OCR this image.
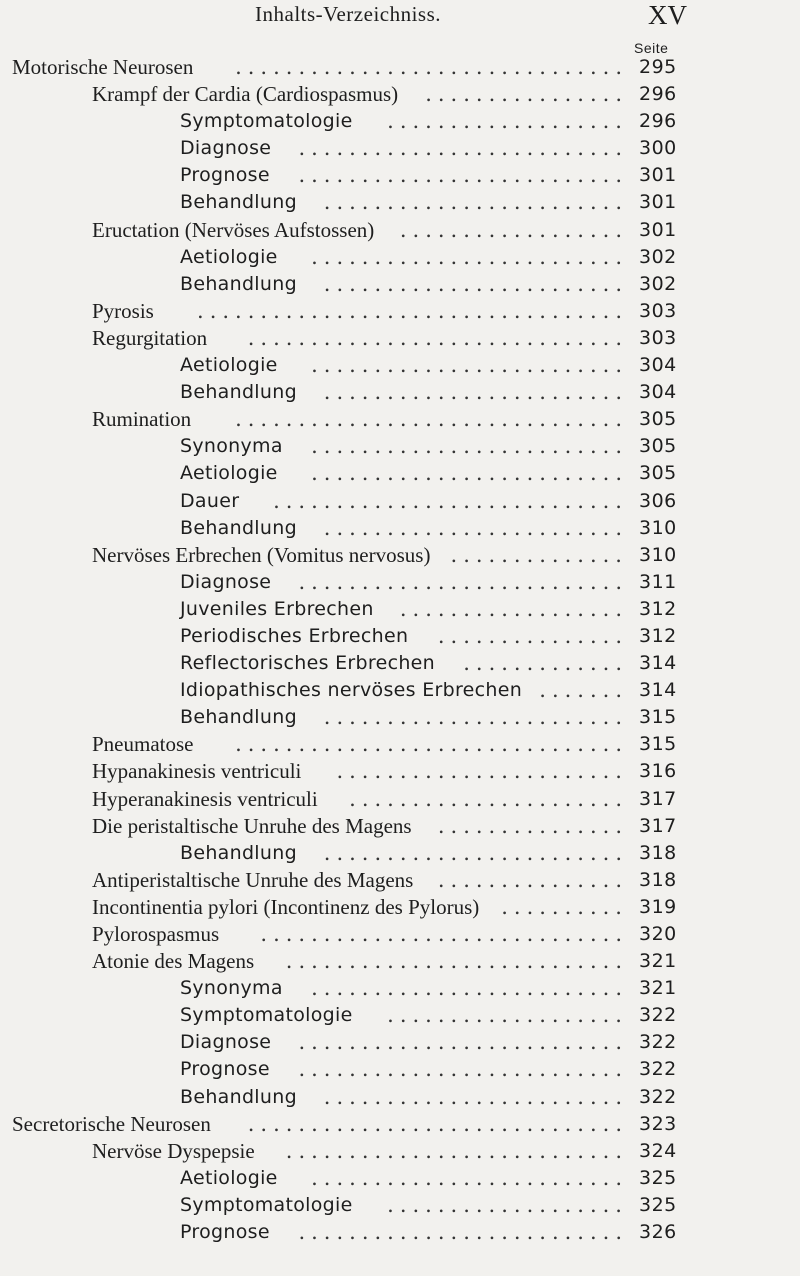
Inhalts-Verzeichniss.	XV
Seite
Motorische Neurosen	295
...............................
Krampf der Cardia (Cardiospasmus)	296
................
Symptomatologie	296
...................
Diagnose	300
..........................
Prognose	301
..........................
Behandlung	301
........................
Eructation (Nervöses Aufstossen)	301
..................
Aetiologie	302
.........................
Behandlung	302
........................
Pyrosis	303
..................................
Regurgitation	303
..............................
Aetiologie	304
.........................
Behandlung	304
........................
Rumination	305
...............................
Synonyma	305
.........................
Aetiologie	305
.........................
Dauer	306
............................
Behandlung	310
........................
Nervöses Erbrechen (Vomitus nervosus)	310
..............
Diagnose	311
..........................
Juveniles Erbrechen	312
..................
Periodisches Erbrechen	312
...............
Reflectorisches Erbrechen	314
.............
Idiopathisches nervöses Erbrechen	314
.......
Behandlung	315
........................
Pneumatose	315
...............................
Hypanakinesis ventriculi	316
.......................
Hyperanakinesis ventriculi	317
......................
Die peristaltische Unruhe des Magens	317
...............
Behandlung	318
........................
Antiperistaltische Unruhe des Magens	318
...............
Incontinentia pylori (Incontinenz des Pylorus)	319
..........
Pylorospasmus	320
.............................
Atonie des Magens	321
...........................
Synonyma	321
.........................
Symptomatologie	322
...................
Diagnose	322
..........................
Prognose	322
..........................
Behandlung	322
........................
Secretorische Neurosen	323
..............................
Nervöse Dyspepsie	324
...........................
Aetiologie	325
.........................
Symptomatologie	325
...................
Prognose	326
..........................
